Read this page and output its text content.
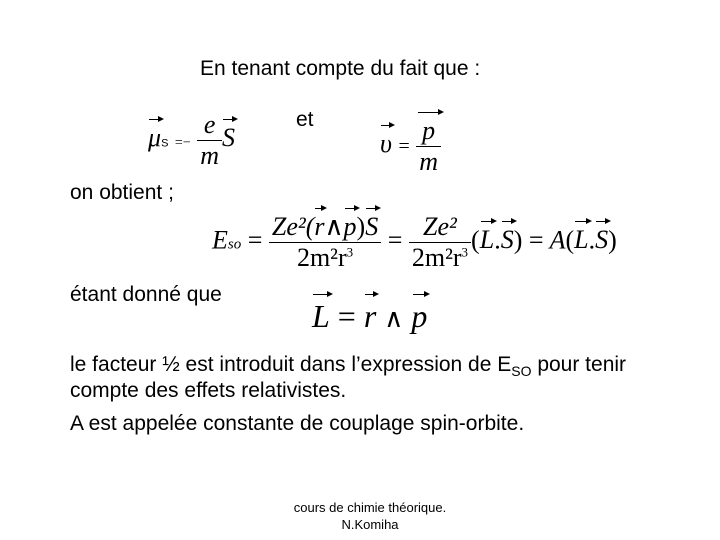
En tenant compte du fait que :
$\mu S =- \frac{e}{m}$ S
et
$\upsilon = \frac{p}{m}$
on obtient ;
Eso = $\frac{\text{Ze²(r∧p)S}}{2m^2r^3} = \frac{\text{Ze²}}{2m^2r^3} (L.S) = A(L.S)$
étant donné que
L = r ∧ p
le facteur ½ est introduit dans l’expression de $E_{SO}$ pour tenir
compte des effets relativistes.
A est appelée constante de couplage spin-orbite.
cours de chimie théorique.
N.Komiha
